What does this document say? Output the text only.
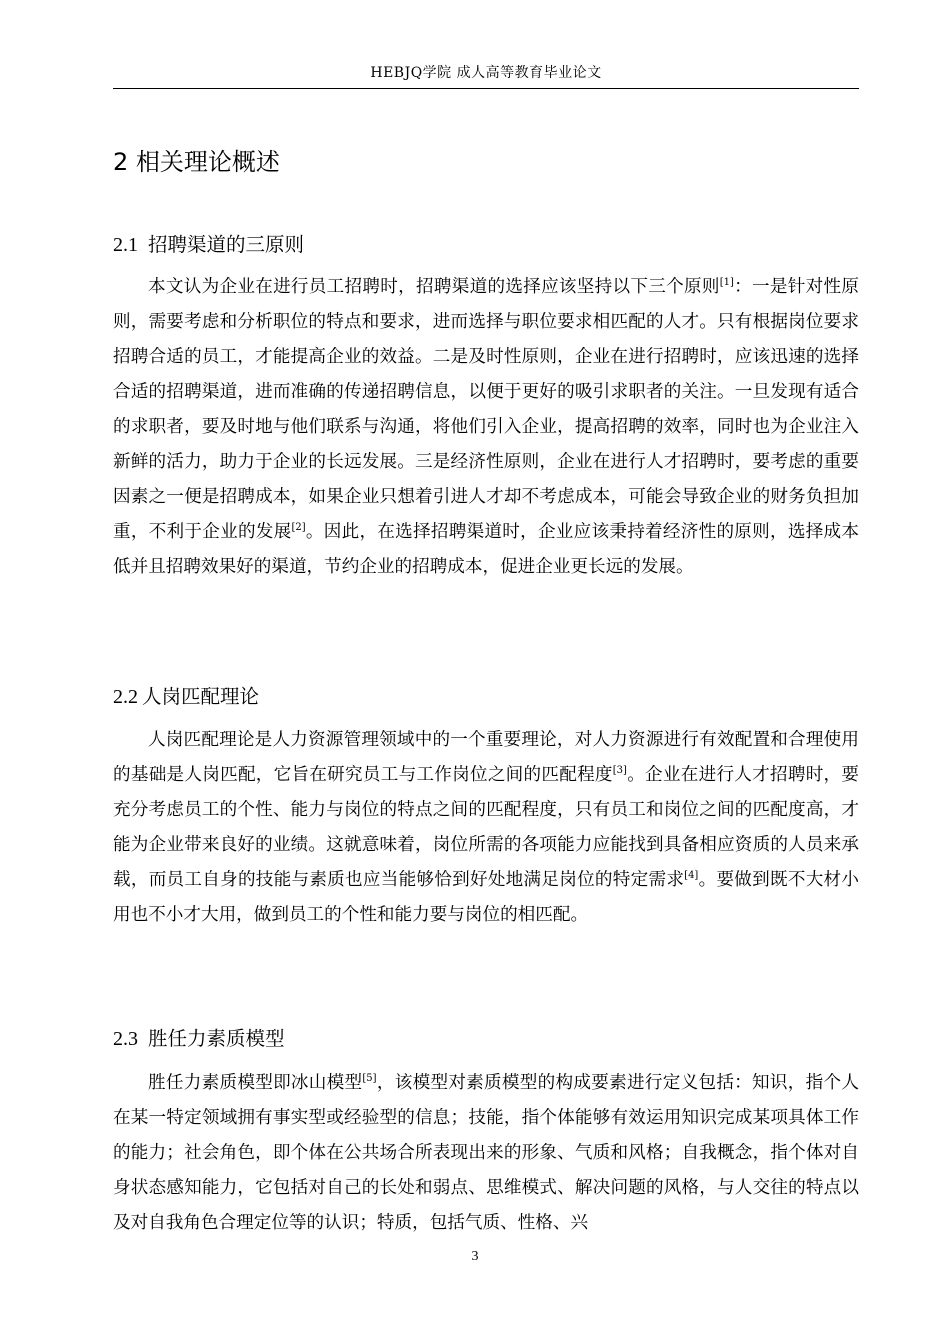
HEBJQ学院 成人高等教育毕业论文
2 相关理论概述
2.1 招聘渠道的三原则

本文认为企业在进行员工招聘时，招聘渠道的选择应该坚持以下三个原则[1]：一是针对性原则，需要考虑和分析职位的特点和要求，进而选择与职位要求相匹配的人才。只有根据岗位要求招聘合适的员工，才能提高企业的效益。二是及时性原则，企业在进行招聘时，应该迅速的选择合适的招聘渠道，进而准确的传递招聘信息，以便于更好的吸引求职者的关注。一旦发现有适合的求职者，要及时地与他们联系与沟通，将他们引入企业，提高招聘的效率，同时也为企业注入新鲜的活力，助力于企业的长远发展。三是经济性原则，企业在进行人才招聘时，要考虑的重要因素之一便是招聘成本，如果企业只想着引进人才却不考虑成本，可能会导致企业的财务负担加重，不利于企业的发展[2]。因此，在选择招聘渠道时，企业应该秉持着经济性的原则，选择成本低并且招聘效果好的渠道，节约企业的招聘成本，促进企业更长远的发展。

2.2 人岗匹配理论

人岗匹配理论是人力资源管理领域中的一个重要理论，对人力资源进行有效配置和合理使用的基础是人岗匹配，它旨在研究员工与工作岗位之间的匹配程度[3]。企业在进行人才招聘时，要充分考虑员工的个性、能力与岗位的特点之间的匹配程度，只有员工和岗位之间的匹配度高，才能为企业带来良好的业绩。这就意味着，岗位所需的各项能力应能找到具备相应资质的人员来承载，而员工自身的技能与素质也应当能够恰到好处地满足岗位的特定需求[4]。要做到既不大材小用也不小才大用，做到员工的个性和能力要与岗位的相匹配。

2.3 胜任力素质模型

胜任力素质模型即冰山模型[5]，该模型对素质模型的构成要素进行定义包括：知识，指个人在某一特定领域拥有事实型或经验型的信息；技能，指个体能够有效运用知识完成某项具体工作的能力；社会角色，即个体在公共场合所表现出来的形象、气质和风格；自我概念，指个体对自身状态感知能力，它包括对自己的长处和弱点、思维模式、解决问题的风格，与人交往的特点以及对自我角色合理定位等的认识；特质，包括气质、性格、兴

3
